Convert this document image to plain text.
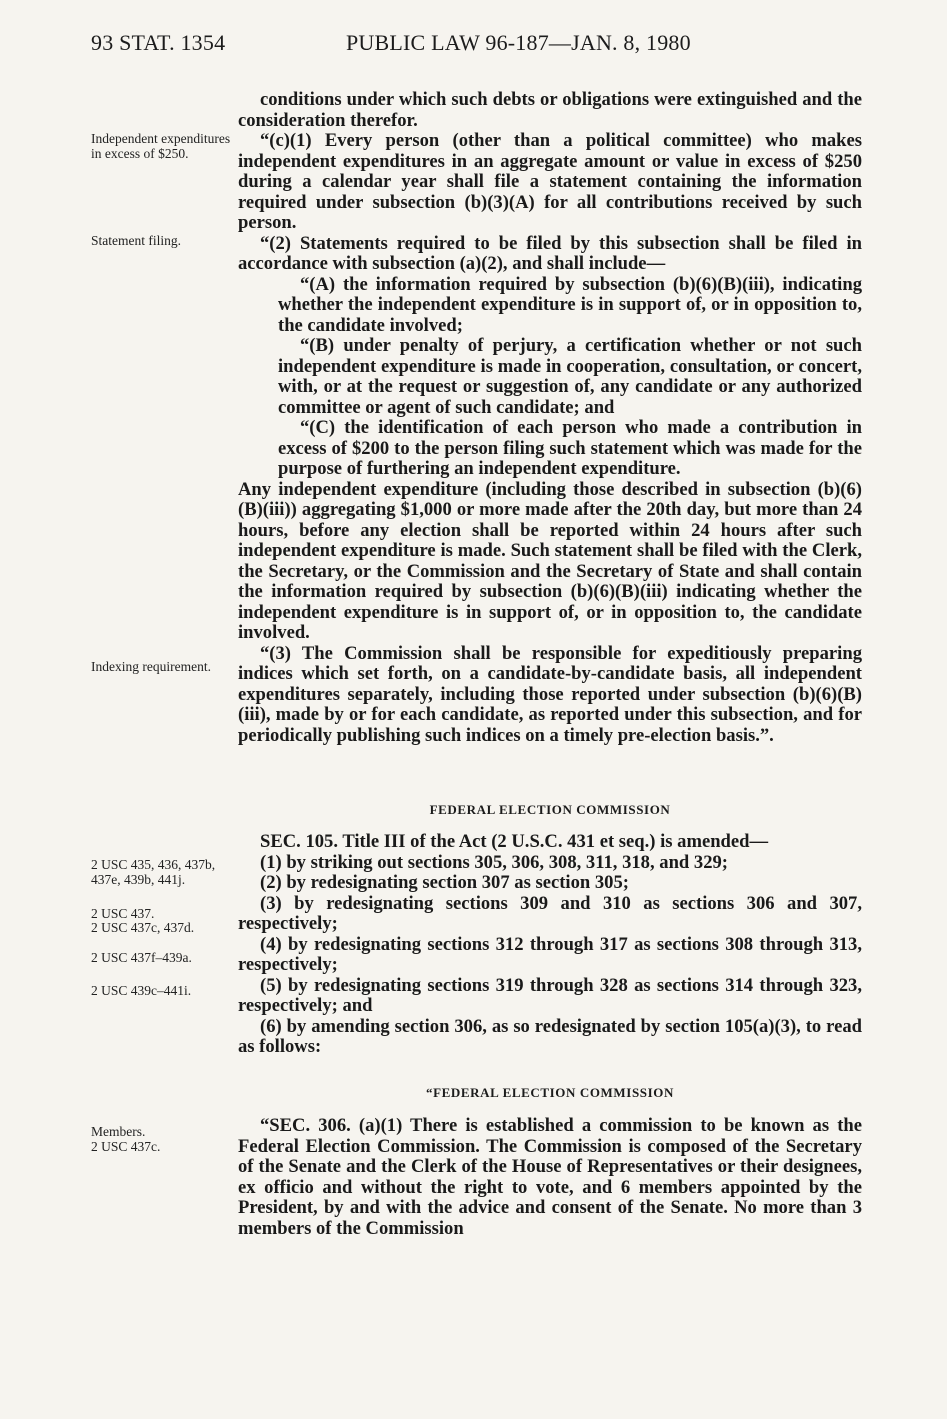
93 STAT. 1354	PUBLIC LAW 96-187—JAN. 8, 1980
Independent expenditures in excess of $250.
Statement filing.
Indexing requirement.
2 USC 435, 436, 437b, 437e, 439b, 441j.
2 USC 437.
2 USC 437c, 437d.
2 USC 437f–439a.
2 USC 439c–441i.
Members.
2 USC 437c.

conditions under which such debts or obligations were extinguished and the consideration therefor.

“(c)(1) Every person (other than a political committee) who makes independent expenditures in an aggregate amount or value in excess of $250 during a calendar year shall file a statement containing the information required under subsection (b)(3)(A) for all contributions received by such person.

“(2) Statements required to be filed by this subsection shall be filed in accordance with subsection (a)(2), and shall include—

“(A) the information required by subsection (b)(6)(B)(iii), indicating whether the independent expenditure is in support of, or in opposition to, the candidate involved;

“(B) under penalty of perjury, a certification whether or not such independent expenditure is made in cooperation, consultation, or concert, with, or at the request or suggestion of, any candidate or any authorized committee or agent of such candidate; and

“(C) the identification of each person who made a contribution in excess of $200 to the person filing such statement which was made for the purpose of furthering an independent expenditure.

Any independent expenditure (including those described in subsection (b)(6)(B)(iii)) aggregating $1,000 or more made after the 20th day, but more than 24 hours, before any election shall be reported within 24 hours after such independent expenditure is made. Such statement shall be filed with the Clerk, the Secretary, or the Commission and the Secretary of State and shall contain the information required by subsection (b)(6)(B)(iii) indicating whether the independent expenditure is in support of, or in opposition to, the candidate involved.

“(3) The Commission shall be responsible for expeditiously preparing indices which set forth, on a candidate-by-candidate basis, all independent expenditures separately, including those reported under subsection (b)(6)(B)(iii), made by or for each candidate, as reported under this subsection, and for periodically publishing such indices on a timely pre-election basis.”.

FEDERAL ELECTION COMMISSION

SEC. 105. Title III of the Act (2 U.S.C. 431 et seq.) is amended—

(1) by striking out sections 305, 306, 308, 311, 318, and 329;

(2) by redesignating section 307 as section 305;

(3) by redesignating sections 309 and 310 as sections 306 and 307, respectively;

(4) by redesignating sections 312 through 317 as sections 308 through 313, respectively;

(5) by redesignating sections 319 through 328 as sections 314 through 323, respectively; and

(6) by amending section 306, as so redesignated by section 105(a)(3), to read as follows:

“FEDERAL ELECTION COMMISSION

“SEC. 306. (a)(1) There is established a commission to be known as the Federal Election Commission. The Commission is composed of the Secretary of the Senate and the Clerk of the House of Representatives or their designees, ex officio and without the right to vote, and 6 members appointed by the President, by and with the advice and consent of the Senate. No more than 3 members of the Commission
